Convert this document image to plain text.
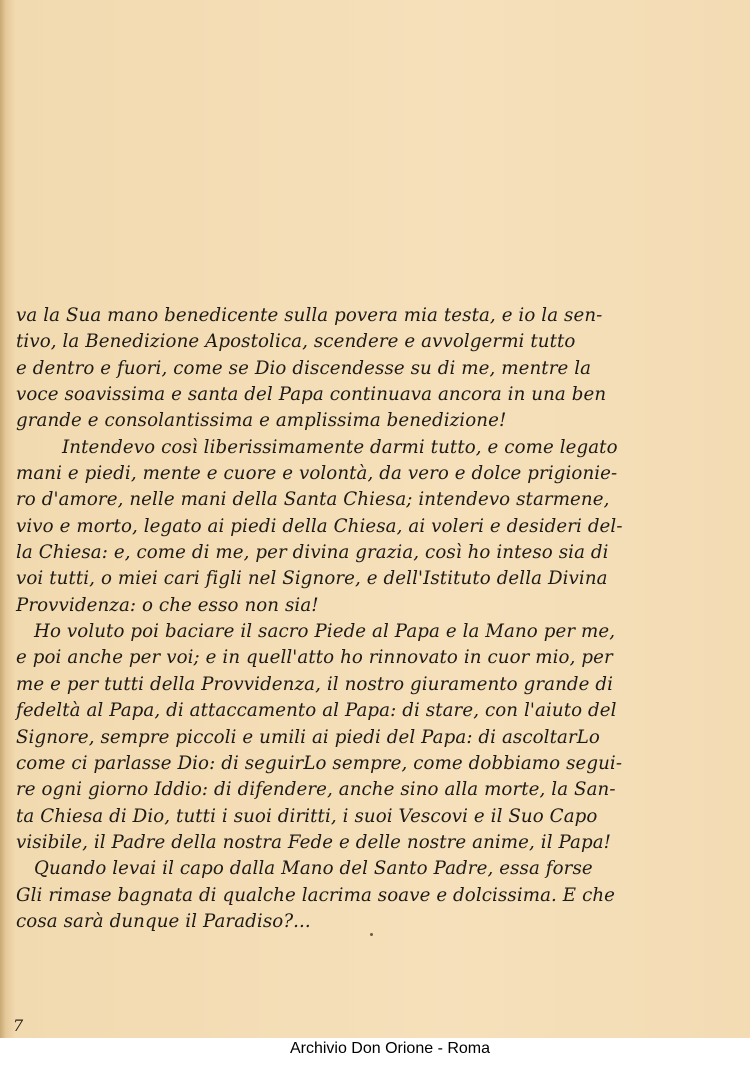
va la Sua mano benedicente sulla povera mia testa, e io la sen-
tivo, la Benedizione Apostolica, scendere e avvolgermi tutto
e dentro e fuori, come se Dio discendesse su di me, mentre la
voce soavissima e santa del Papa continuava ancora in una ben
grande e consolantissima e amplissima benedizione!
Intendevo così liberissimamente darmi tutto, e come legato
mani e piedi, mente e cuore e volontà, da vero e dolce prigionie-
ro d'amore, nelle mani della Santa Chiesa; intendevo starmene,
vivo e morto, legato ai piedi della Chiesa, ai voleri e desideri del-
la Chiesa: e, come di me, per divina grazia, così ho inteso sia di
voi tutti, o miei cari figli nel Signore, e dell'Istituto della Divina
Provvidenza: o che esso non sia!
Ho voluto poi baciare il sacro Piede al Papa e la Mano per me,
e poi anche per voi; e in quell'atto ho rinnovato in cuor mio, per
me e per tutti della Provvidenza, il nostro giuramento grande di
fedeltà al Papa, di attaccamento al Papa: di stare, con l'aiuto del
Signore, sempre piccoli e umili ai piedi del Papa: di ascoltarLo
come ci parlasse Dio: di seguirLo sempre, come dobbiamo segui-
re ogni giorno Iddio: di difendere, anche sino alla morte, la San-
ta Chiesa di Dio, tutti i suoi diritti, i suoi Vescovi e il Suo Capo
visibile, il Padre della nostra Fede e delle nostre anime, il Papa!
Quando levai il capo dalla Mano del Santo Padre, essa forse
Gli rimase bagnata di qualche lacrima soave e dolcissima. E che
cosa sarà dunque il Paradiso?...
7
Archivio Don Orione - Roma
